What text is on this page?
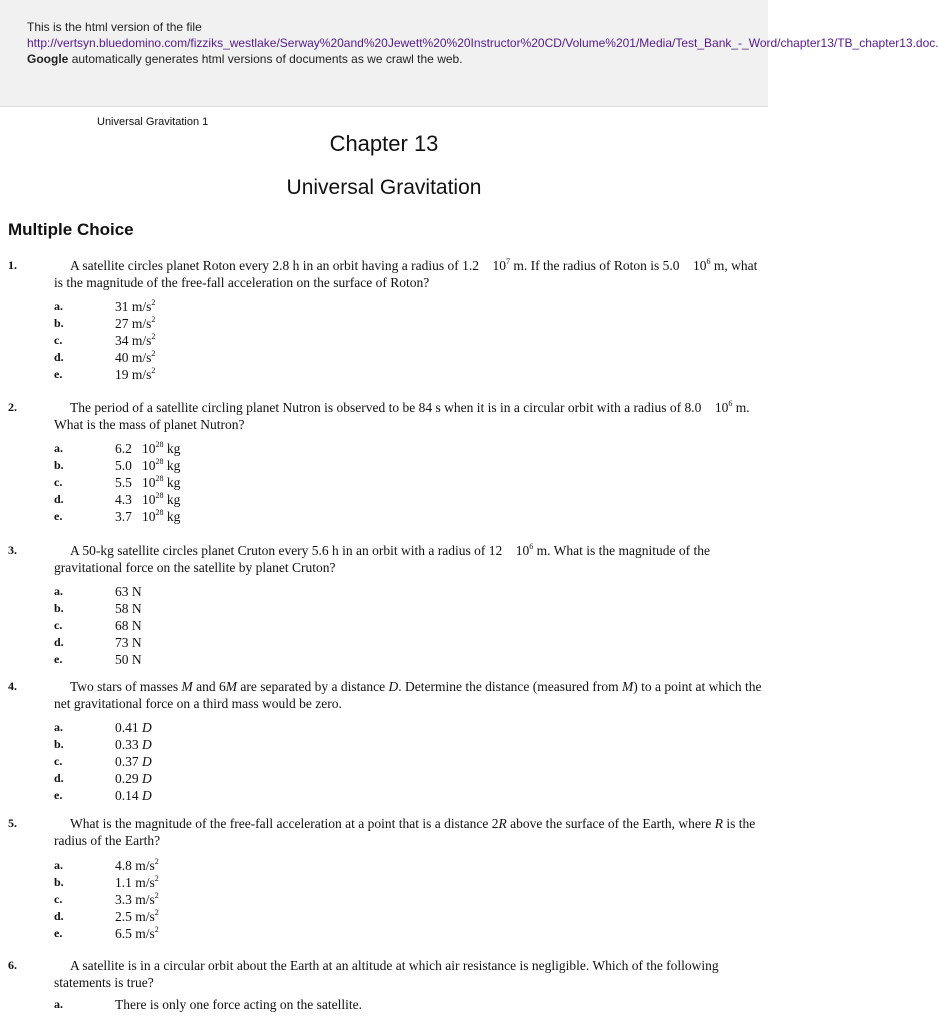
This is the html version of the file
http://vertsyn.bluedomino.com/fizziks_westlake/Serway%20and%20Jewett%20%20Instructor%20CD/Volume%201/Media/Test_Bank_-_Word/chapter13/TB_chapter13.doc.
Google automatically generates html versions of documents as we crawl the web.
Universal Gravitation 1
Chapter 13
Universal Gravitation
Multiple Choice
1.	A satellite circles planet Roton every 2.8 h in an orbit having a radius of 1.2    $10^7$ m. If the radius of Roton is 5.0    $10^6$ m, what is the magnitude of the free-fall acceleration on the surface of Roton?
a.	31 $m/s^2$
b.	27 $m/s^2$
c.	34 $m/s^2$
d.	40 $m/s^2$
e.	19 $m/s^2$
2.	The period of a satellite circling planet Nutron is observed to be 84 s when it is in a circular orbit with a radius of 8.0    $10^6$ m. What is the mass of planet Nutron?
a.	6.2   $10^{28}$ kg
b.	5.0   $10^{28}$ kg
c.	5.5   $10^{28}$ kg
d.	4.3   $10^{28}$ kg
e.	3.7   $10^{28}$ kg
3.	A 50-kg satellite circles planet Cruton every 5.6 h in an orbit with a radius of 12    $10^6$ m. What is the magnitude of the gravitational force on the satellite by planet Cruton?
a.	63 N
b.	58 N
c.	68 N
d.	73 N
e.	50 N
4.	Two stars of masses M and 6M are separated by a distance D. Determine the distance (measured from M) to a point at which the net gravitational force on a third mass would be zero.
a.	0.41 D
b.	0.33 D
c.	0.37 D
d.	0.29 D
e.	0.14 D
5.	What is the magnitude of the free-fall acceleration at a point that is a distance 2R above the surface of the Earth, where R is the radius of the Earth?
a.	4.8 $m/s^2$
b.	1.1 $m/s^2$
c.	3.3 $m/s^2$
d.	2.5 $m/s^2$
e.	6.5 $m/s^2$
6.	A satellite is in a circular orbit about the Earth at an altitude at which air resistance is negligible. Which of the following statements is true?
a.	There is only one force acting on the satellite.
